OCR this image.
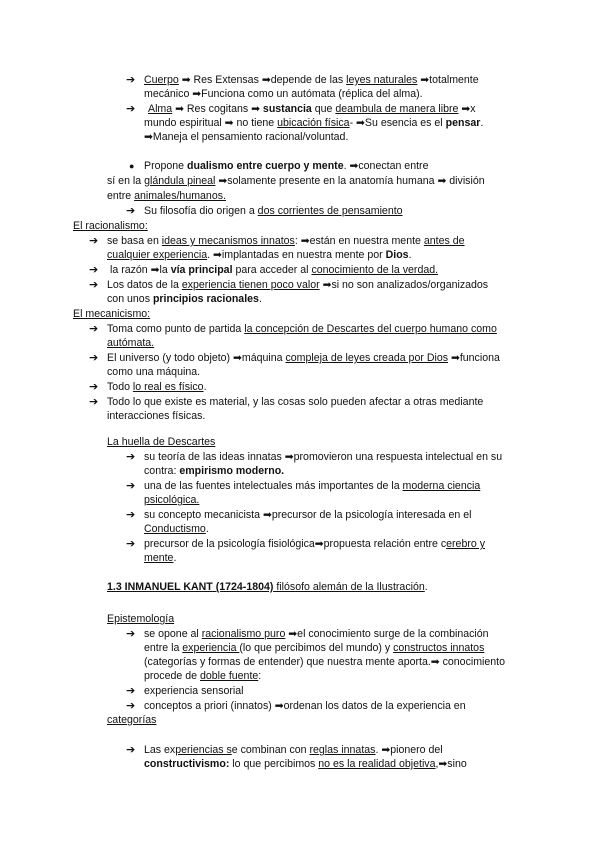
➔ Cuerpo ➡ Res Extensas ➡depende de las leyes naturales ➡totalmente
mecánico ➡Funciona como un autómata (réplica del alma).
➔ Alma ➡ Res cogitans ➡ sustancia que deambula de manera libre ➡x
mundo espiritual ➡ no tiene ubicación física- ➡Su esencia es el pensar.
➡Maneja el pensamiento racional/voluntad.
● Propone dualismo entre cuerpo y mente. ➡conectan entre
sí en la glándula pineal ➡solamente presente en la anatomía humana ➡ división
entre animales/humanos.
➔ Su filosofía dio origen a dos corrientes de pensamiento
El racionalismo:
➔ se basa en ideas y mecanismos innatos: ➡están en nuestra mente antes de
cualquier experiencia. ➡implantadas en nuestra mente por Dios.
➔ la razón ➡la vía principal para acceder al conocimiento de la verdad.
➔ Los datos de la experiencia tienen poco valor ➡si no son analizados/organizados
con unos principios racionales.
El mecanicismo:
➔ Toma como punto de partida la concepción de Descartes del cuerpo humano como
autómata.
➔ El universo (y todo objeto) ➡máquina compleja de leyes creada por Dios ➡funciona
como una máquina.
➔ Todo lo real es físico.
➔ Todo lo que existe es material, y las cosas solo pueden afectar a otras mediante
interacciones físicas.
La huella de Descartes
➔ su teoría de las ideas innatas ➡promovieron una respuesta intelectual en su
contra: empirismo moderno.
➔ una de las fuentes intelectuales más importantes de la moderna ciencia
psicológica.
➔ su concepto mecanicista ➡precursor de la psicología interesada en el
Conductismo.
➔ precursor de la psicología fisiológica➡propuesta relación entre cerebro y
mente.
1.3 INMANUEL KANT (1724-1804) filósofo alemán de la Ilustración.
Epistemología
➔ se opone al racionalismo puro ➡el conocimiento surge de la combinación
entre la experiencia (lo que percibimos del mundo) y constructos innatos
(categorías y formas de entender) que nuestra mente aporta.➡ conocimiento
procede de doble fuente:
➔ experiencia sensorial
➔ conceptos a priori (innatos) ➡ordenan los datos de la experiencia en
categorías
➔ Las experiencias se combinan con reglas innatas. ➡pionero del
constructivismo: lo que percibimos no es la realidad objetiva,➡sino
